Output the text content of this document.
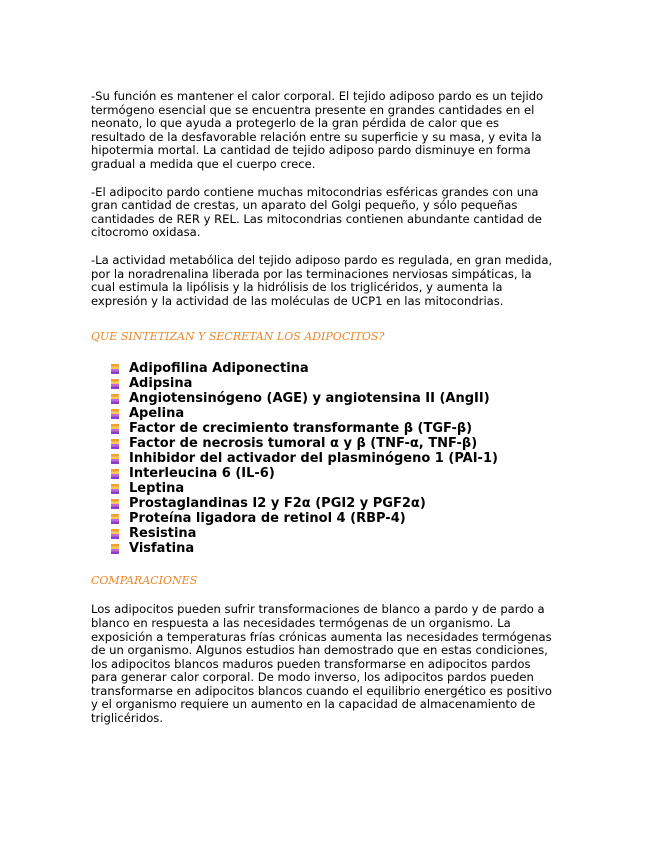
-Su función es mantener el calor corporal. El tejido adiposo pardo es un tejido
termógeno esencial que se encuentra presente en grandes cantidades en el
neonato, lo que ayuda a protegerlo de la gran pérdida de calor que es
resultado de la desfavorable relación entre su superficie y su masa, y evita la
hipotermia mortal. La cantidad de tejido adiposo pardo disminuye en forma
gradual a medida que el cuerpo crece.

-El adipocito pardo contiene muchas mitocondrias esféricas grandes con una
gran cantidad de crestas, un aparato del Golgi pequeño, y sólo pequeñas
cantidades de RER y REL. Las mitocondrias contienen abundante cantidad de
citocromo oxidasa.

-La actividad metabólica del tejido adiposo pardo es regulada, en gran medida,
por la noradrenalina liberada por las terminaciones nerviosas simpáticas, la
cual estimula la lipólisis y la hidrólisis de los triglicéridos, y aumenta la
expresión y la actividad de las moléculas de UCP1 en las mitocondrias.

QUE SINTETIZAN Y SECRETAN LOS ADIPOCITOS?

Adipofilina Adiponectina
Adipsina
Angiotensinógeno (AGE) y angiotensina II (AngII)
Apelina
Factor de crecimiento transformante β (TGF-β)
Factor de necrosis tumoral α y β (TNF-α, TNF-β)
Inhibidor del activador del plasminógeno 1 (PAI-1)
Interleucina 6 (IL-6)
Leptina
Prostaglandinas I2 y F2α (PGI2 y PGF2α)
Proteína ligadora de retinol 4 (RBP-4)
Resistina
Visfatina

COMPARACIONES

Los adipocitos pueden sufrir transformaciones de blanco a pardo y de pardo a
blanco en respuesta a las necesidades termógenas de un organismo. La
exposición a temperaturas frías crónicas aumenta las necesidades termógenas
de un organismo. Algunos estudios han demostrado que en estas condiciones,
los adipocitos blancos maduros pueden transformarse en adipocitos pardos
para generar calor corporal. De modo inverso, los adipocitos pardos pueden
transformarse en adipocitos blancos cuando el equilibrio energético es positivo
y el organismo requiere un aumento en la capacidad de almacenamiento de
triglicéridos.
